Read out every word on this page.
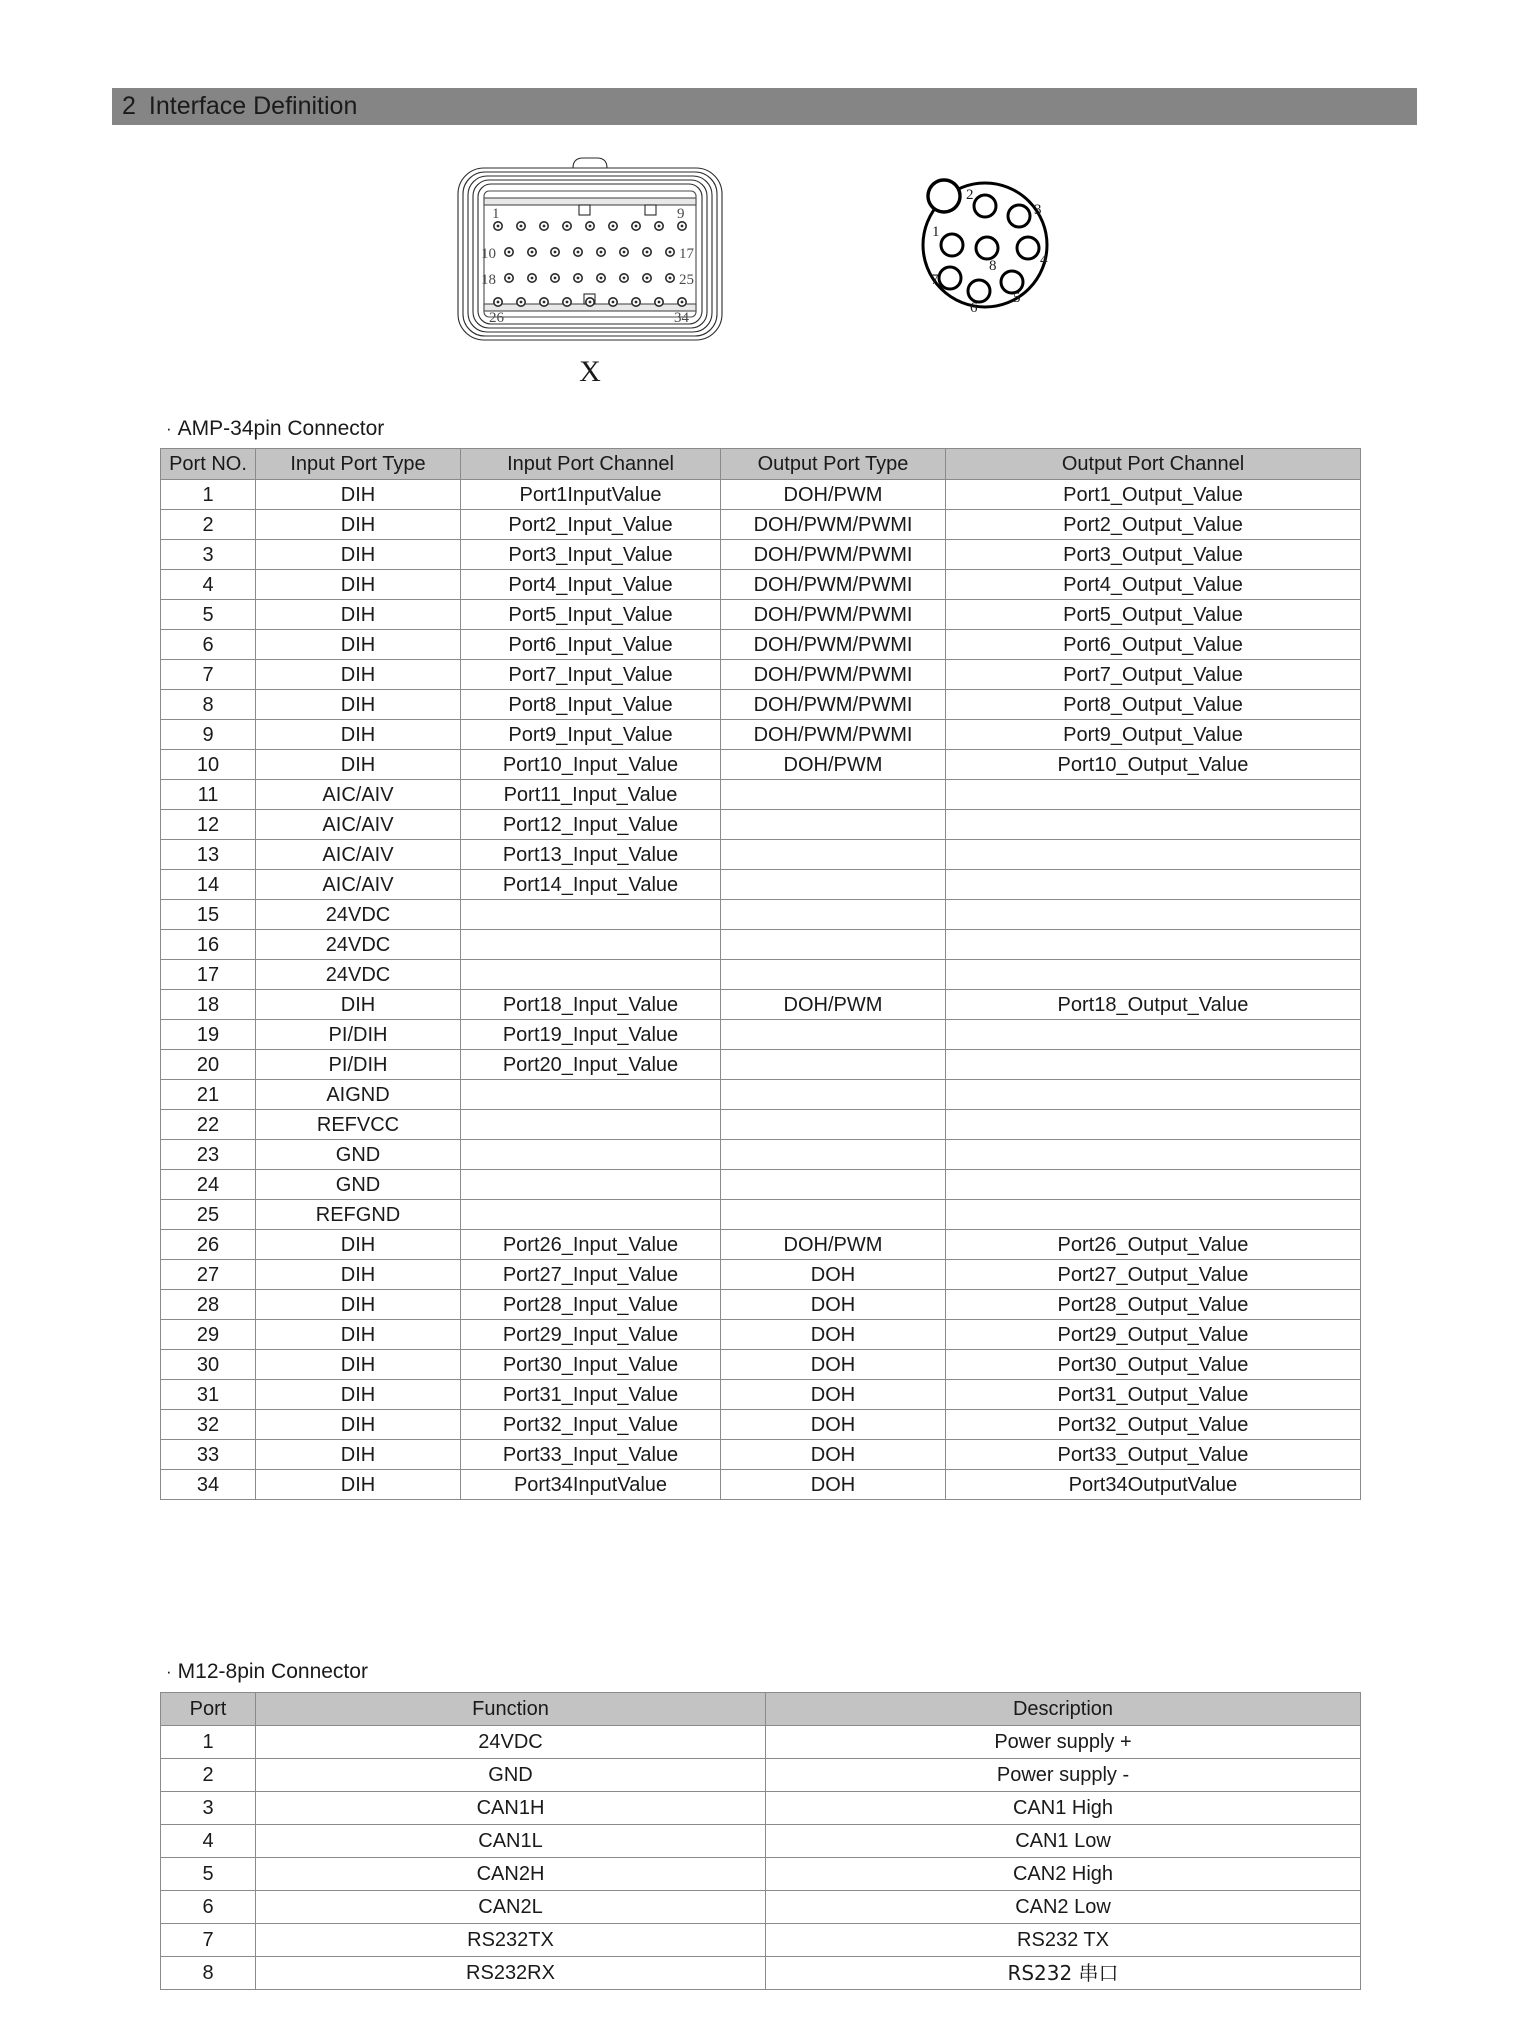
2 Interface Definition
1	9
10	17
18	25
26	34
X
1
2
3
4
5
6
7
8
· AMP-34pin Connector
Port NO.	Input Port Type	Input Port Channel	Output Port Type	Output Port Channel
1	DIH	Port1InputValue	DOH/PWM	Port1_Output_Value
2	DIH	Port2_Input_Value	DOH/PWM/PWMI	Port2_Output_Value
3	DIH	Port3_Input_Value	DOH/PWM/PWMI	Port3_Output_Value
4	DIH	Port4_Input_Value	DOH/PWM/PWMI	Port4_Output_Value
5	DIH	Port5_Input_Value	DOH/PWM/PWMI	Port5_Output_Value
6	DIH	Port6_Input_Value	DOH/PWM/PWMI	Port6_Output_Value
7	DIH	Port7_Input_Value	DOH/PWM/PWMI	Port7_Output_Value
8	DIH	Port8_Input_Value	DOH/PWM/PWMI	Port8_Output_Value
9	DIH	Port9_Input_Value	DOH/PWM/PWMI	Port9_Output_Value
10	DIH	Port10_Input_Value	DOH/PWM	Port10_Output_Value
11	AIC/AIV	Port11_Input_Value		
12	AIC/AIV	Port12_Input_Value		
13	AIC/AIV	Port13_Input_Value		
14	AIC/AIV	Port14_Input_Value		
15	24VDC			
16	24VDC			
17	24VDC			
18	DIH	Port18_Input_Value	DOH/PWM	Port18_Output_Value
19	PI/DIH	Port19_Input_Value		
20	PI/DIH	Port20_Input_Value		
21	AIGND			
22	REFVCC			
23	GND			
24	GND			
25	REFGND			
26	DIH	Port26_Input_Value	DOH/PWM	Port26_Output_Value
27	DIH	Port27_Input_Value	DOH	Port27_Output_Value
28	DIH	Port28_Input_Value	DOH	Port28_Output_Value
29	DIH	Port29_Input_Value	DOH	Port29_Output_Value
30	DIH	Port30_Input_Value	DOH	Port30_Output_Value
31	DIH	Port31_Input_Value	DOH	Port31_Output_Value
32	DIH	Port32_Input_Value	DOH	Port32_Output_Value
33	DIH	Port33_Input_Value	DOH	Port33_Output_Value
34	DIH	Port34InputValue	DOH	Port34OutputValue
· M12-8pin Connector
Port	Function	Description
1	24VDC	Power supply +
2	GND	Power supply -
3	CAN1H	CAN1 High
4	CAN1L	CAN1 Low
5	CAN2H	CAN2 High
6	CAN2L	CAN2 Low
7	RS232TX	RS232 TX
8	RS232RX	RS232 串口
